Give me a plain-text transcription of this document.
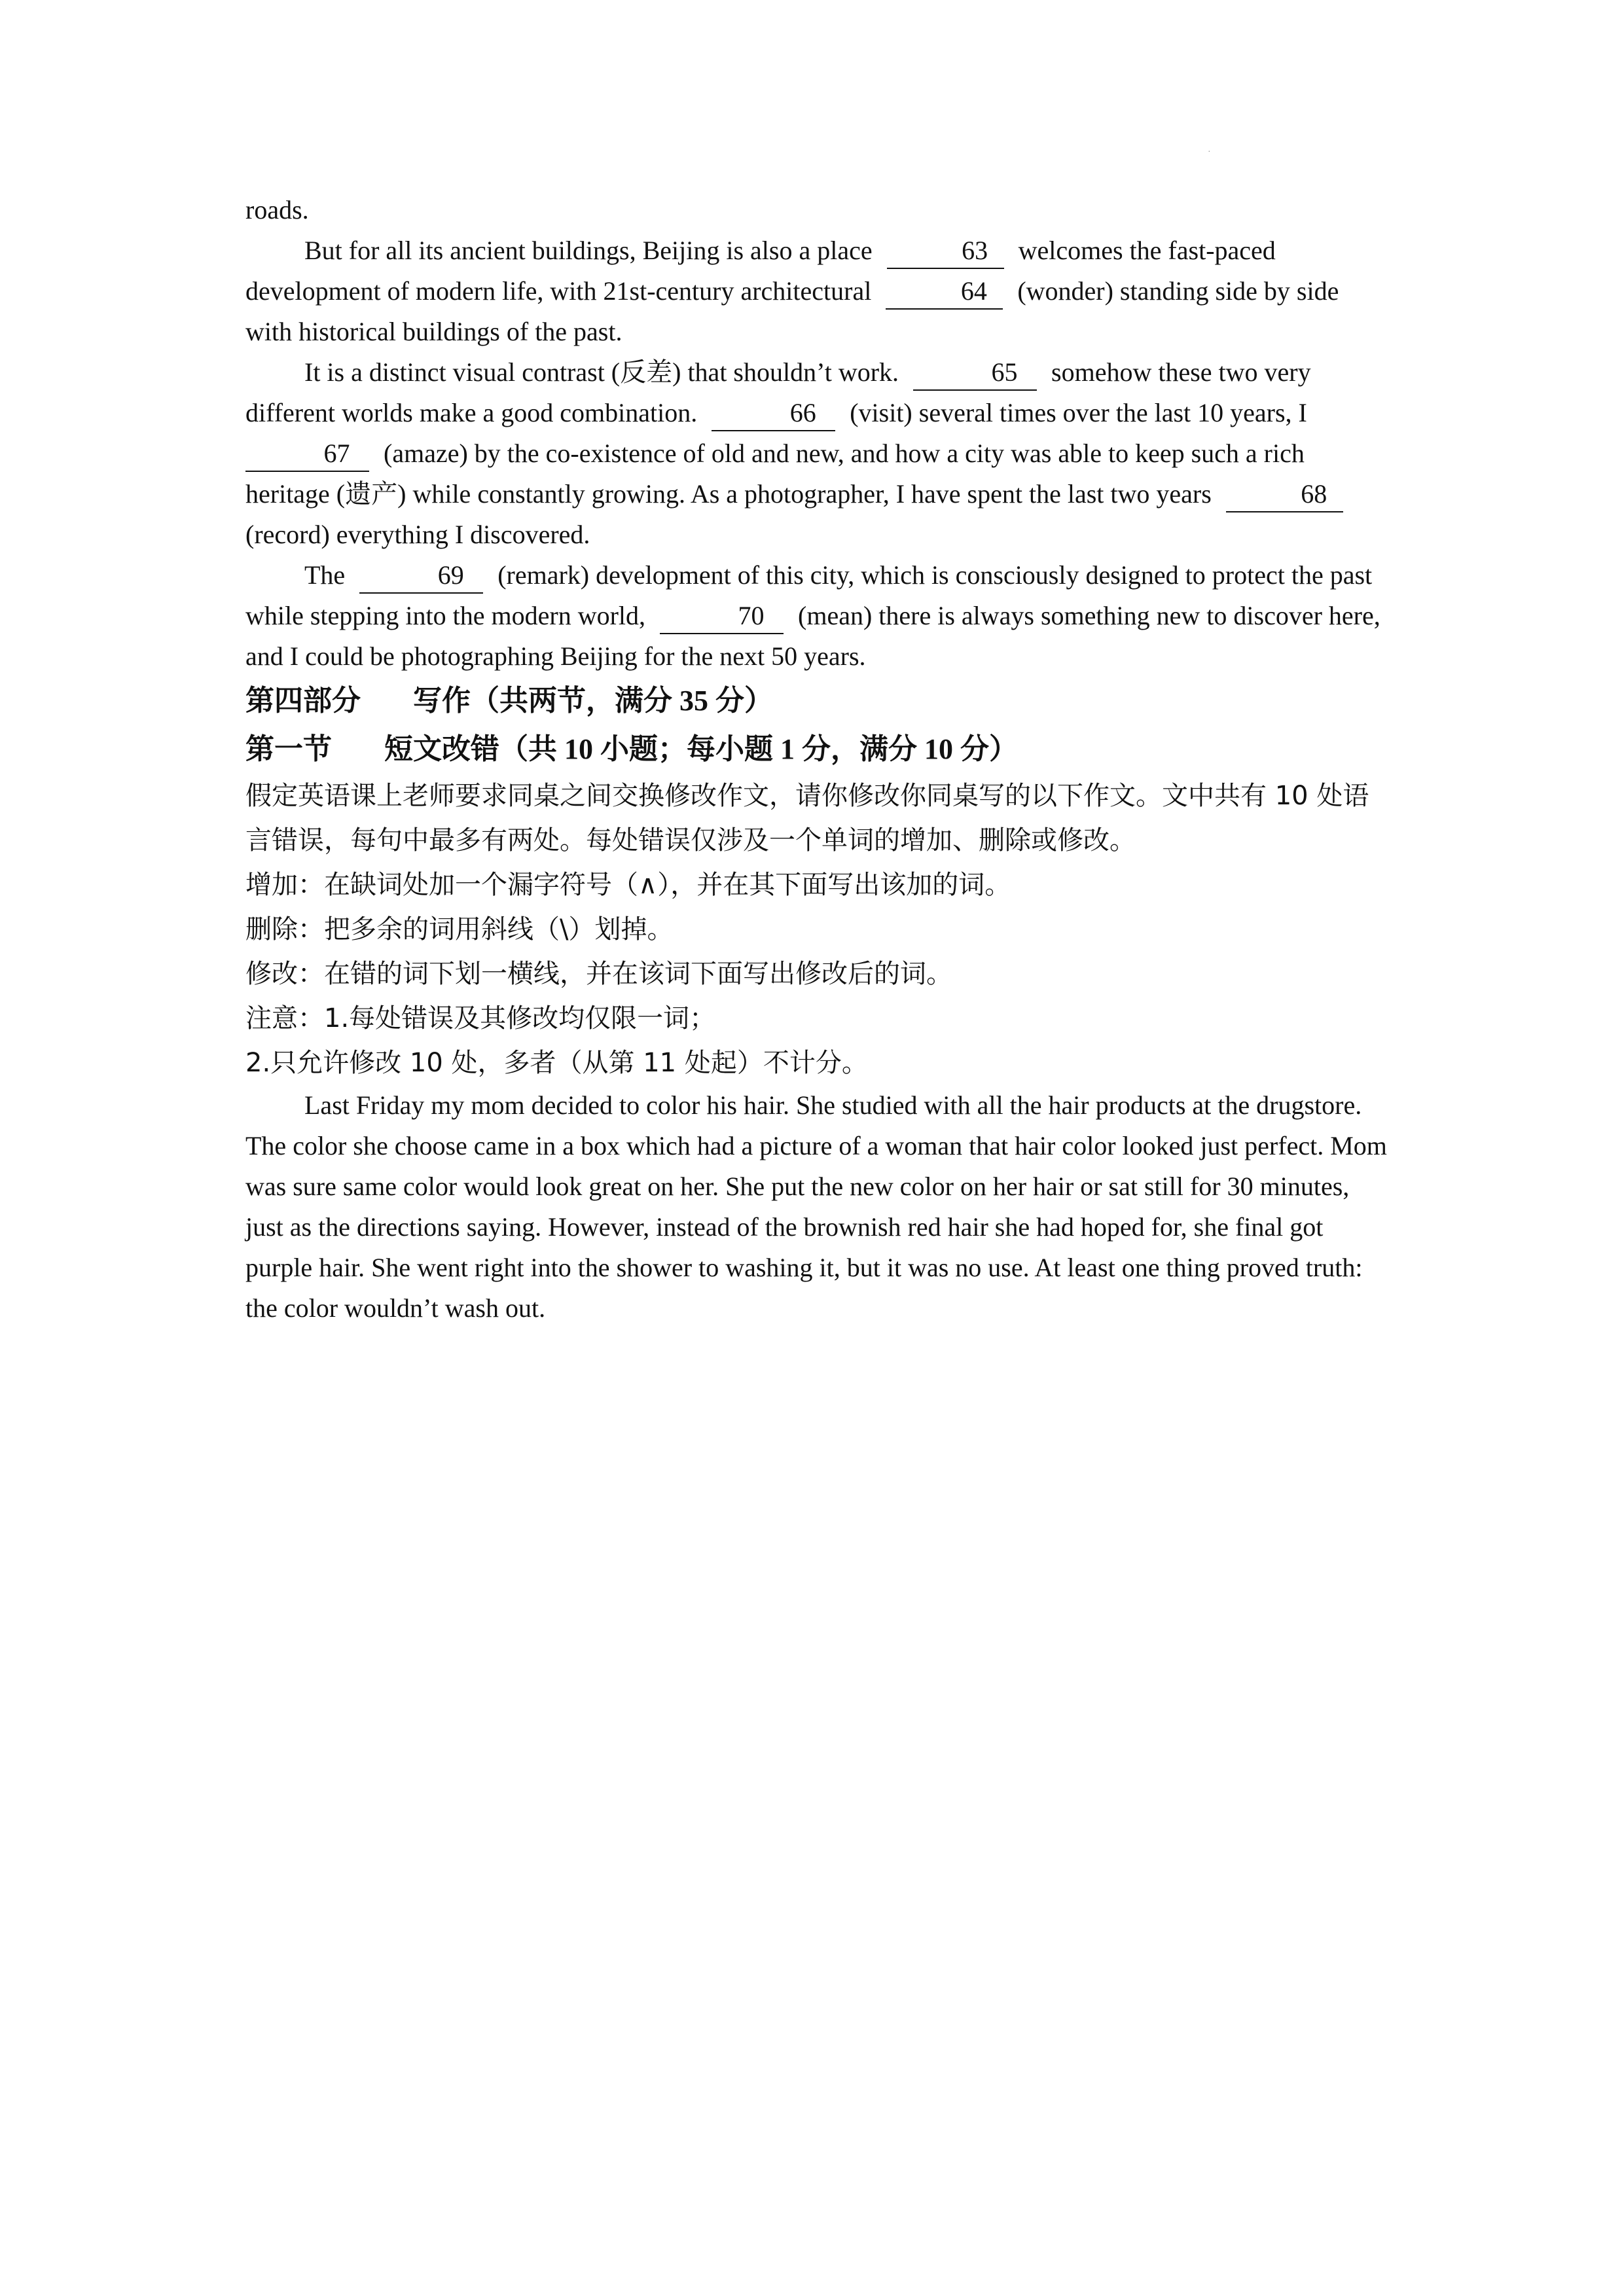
·

roads.

But for all its ancient buildings, Beijing is also a place	63 welcomes the fast-paced development of modern life, with 21st-century architectural	64 (wonder) standing side by side with historical buildings of the past.

It is a distinct visual contrast (反差) that shouldn’t work.	65 somehow these two very different worlds make a good combination.	66 (visit) several times over the last 10 years, I67 (amaze) by the co-existence of old and new, and how a city was able to keep such a rich heritage (遗产) while constantly growing. As a photographer, I have spent the last two years	68(record) everything I discovered.

The	69 (remark) development of this city, which is consciously designed to protect the past while stepping into the modern world,	70 (mean) there is always something new to discover here, and I could be photographing Beijing for the next 50 years.

第四部分 写作（共两节，满分 35 分）

第一节 短文改错（共 10 小题；每小题 1 分，满分 10 分）

假定英语课上老师要求同桌之间交换修改作文，请你修改你同桌写的以下作文。文中共有 10 处语言错误，每句中最多有两处。每处错误仅涉及一个单词的增加、删除或修改。

增加：在缺词处加一个漏字符号（∧），并在其下面写出该加的词。

删除：把多余的词用斜线（\）划掉。

修改：在错的词下划一横线，并在该词下面写出修改后的词。

注意：1.每处错误及其修改均仅限一词；

2.只允许修改 10 处，多者（从第 11 处起）不计分。

Last Friday my mom decided to color his hair. She studied with all the hair products at the drugstore. The color she choose came in a box which had a picture of a woman that hair color looked just perfect. Mom was sure same color would look great on her. She put the new color on her hair or sat still for 30 minutes, just as the directions saying. However, instead of the brownish red hair she had hoped for, she final got purple hair. She went right into the shower to washing it, but it was no use. At least one thing proved truth: the color wouldn’t wash out.
